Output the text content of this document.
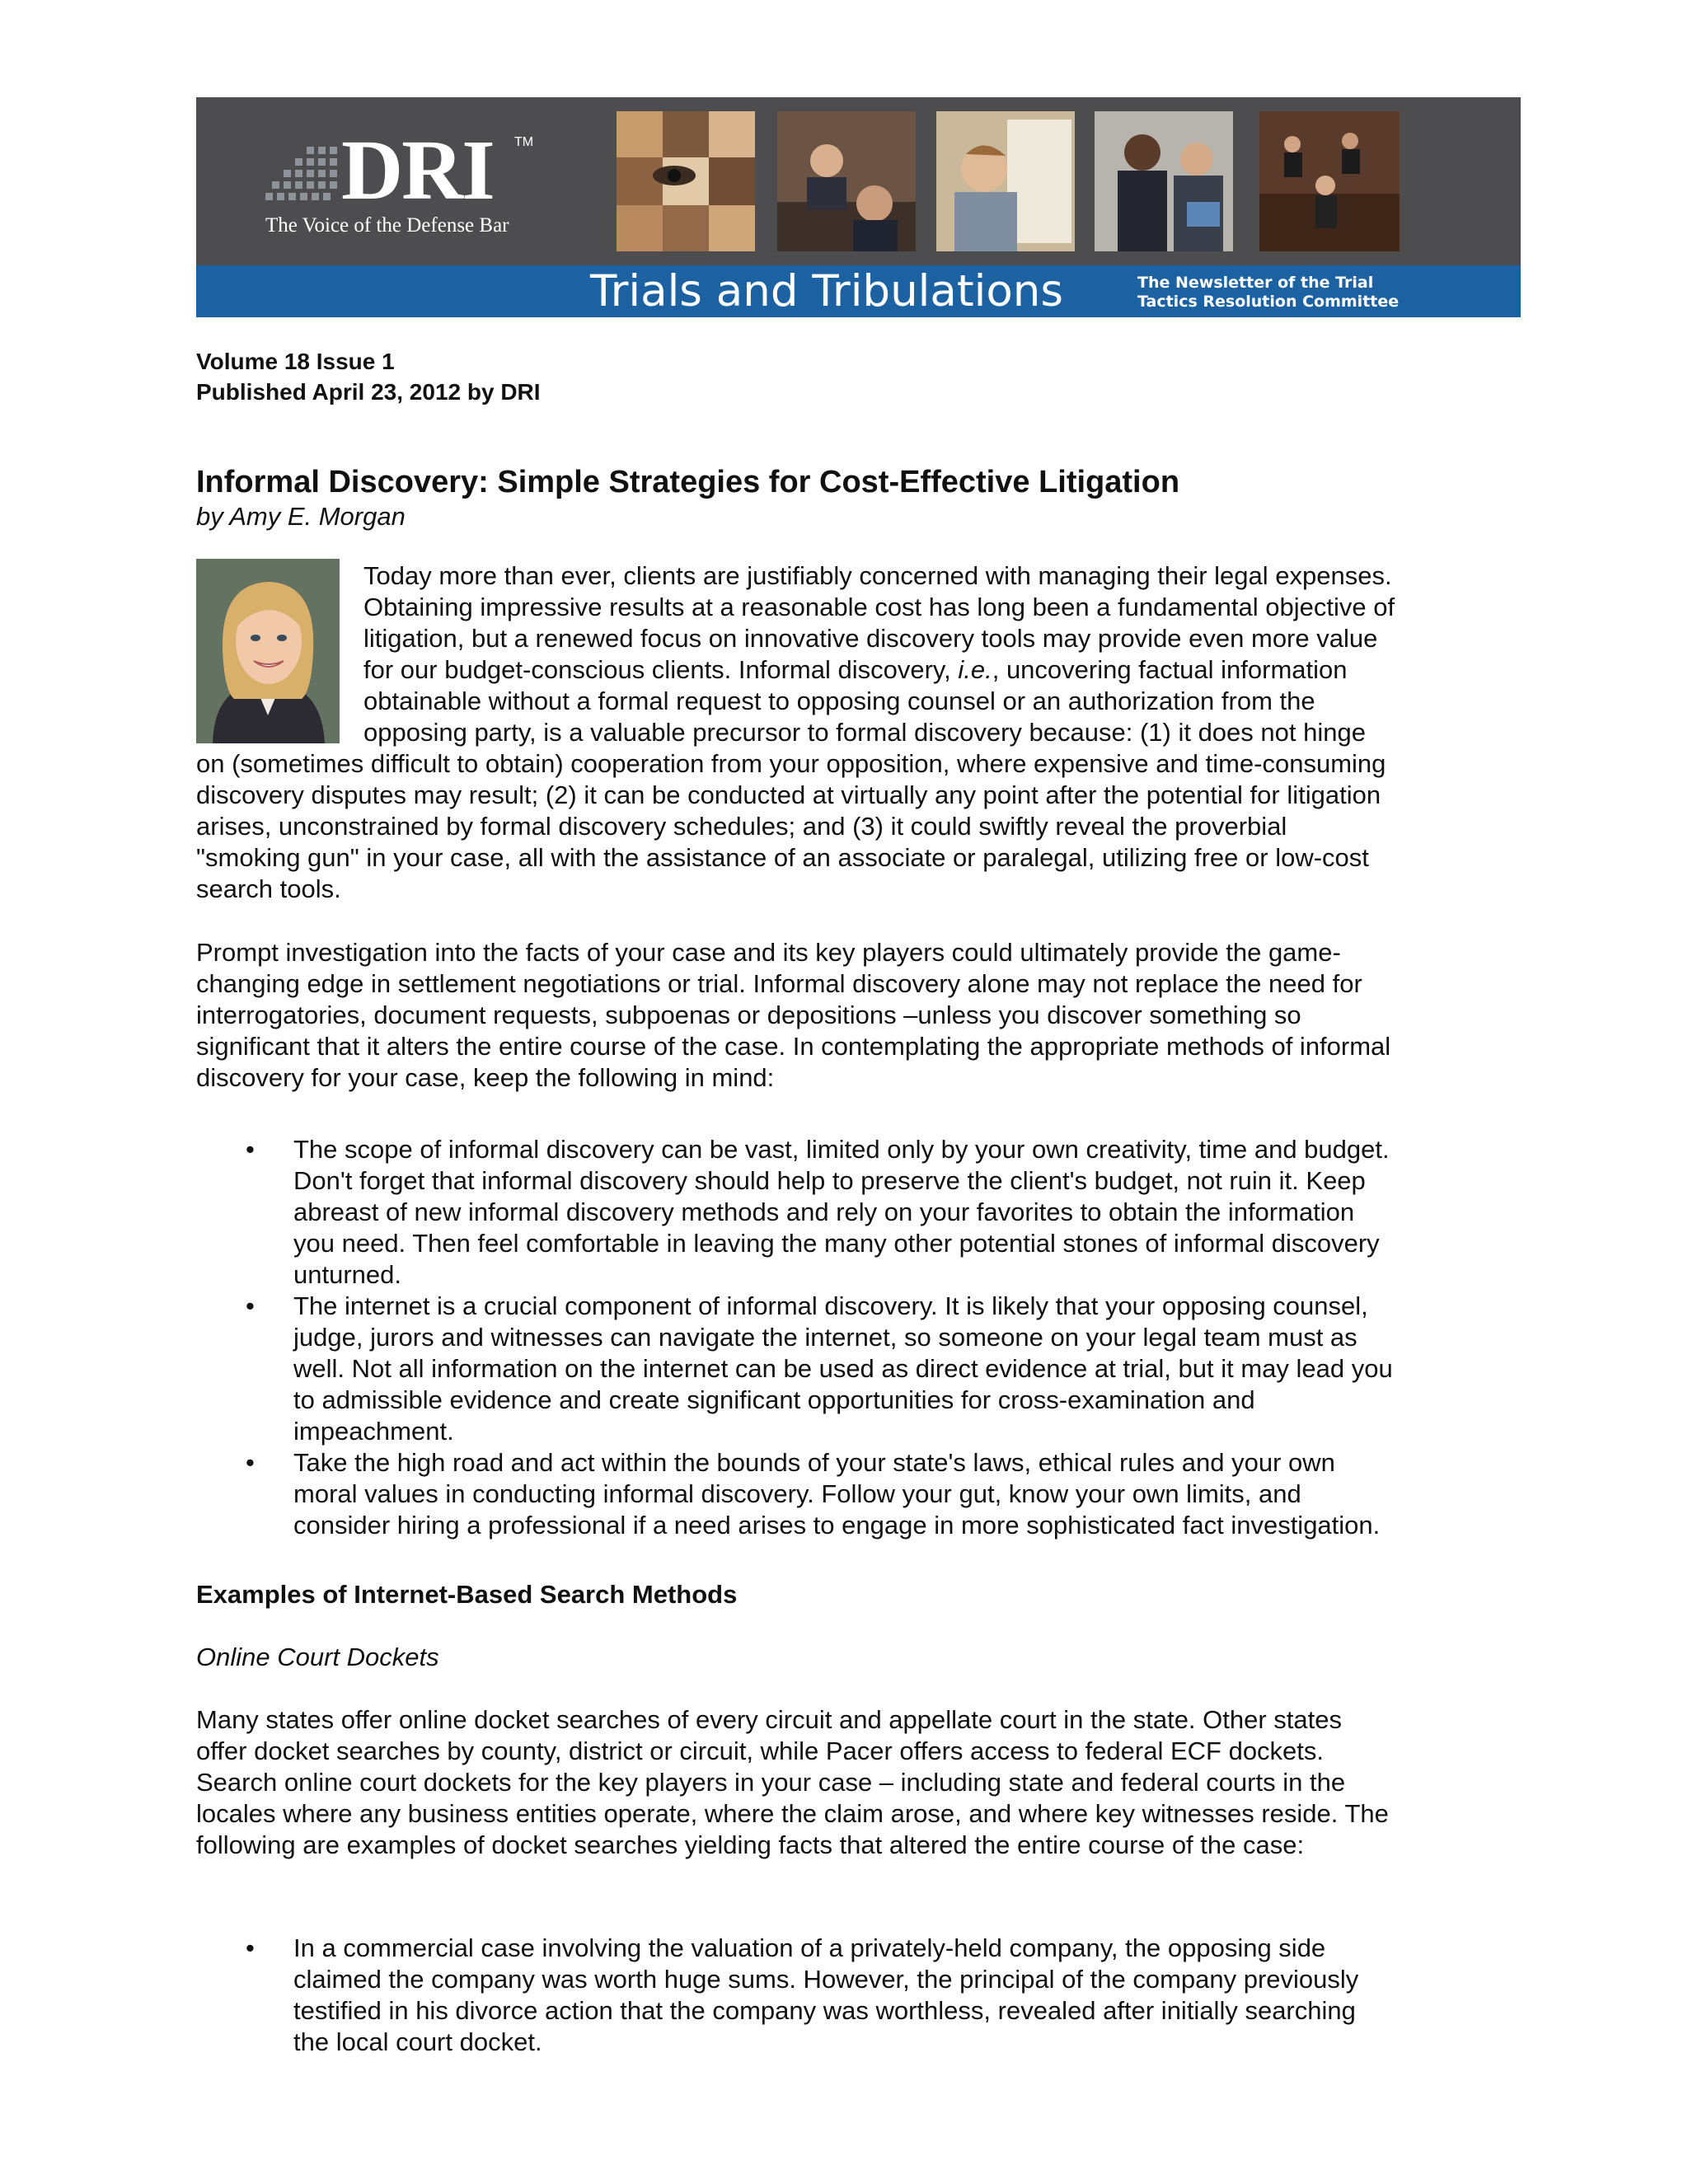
DRI TM
The Voice of the Defense Bar
Trials and Tribulations	The Newsletter of the Trial
Tactics Resolution Committee
Volume 18 Issue 1
Published April 23, 2012 by DRI
Informal Discovery: Simple Strategies for Cost-Effective Litigation
by Amy E. Morgan
Today more than ever, clients are justifiably concerned with managing their legal expenses.
Obtaining impressive results at a reasonable cost has long been a fundamental objective of
litigation, but a renewed focus on innovative discovery tools may provide even more value
for our budget-conscious clients. Informal discovery, i.e., uncovering factual information
obtainable without a formal request to opposing counsel or an authorization from the
opposing party, is a valuable precursor to formal discovery because: (1) it does not hinge
on (sometimes difficult to obtain) cooperation from your opposition, where expensive and time-consuming
discovery disputes may result; (2) it can be conducted at virtually any point after the potential for litigation
arises, unconstrained by formal discovery schedules; and (3) it could swiftly reveal the proverbial
"smoking gun" in your case, all with the assistance of an associate or paralegal, utilizing free or low-cost
search tools.
Prompt investigation into the facts of your case and its key players could ultimately provide the game-
changing edge in settlement negotiations or trial. Informal discovery alone may not replace the need for
interrogatories, document requests, subpoenas or depositions –unless you discover something so
significant that it alters the entire course of the case. In contemplating the appropriate methods of informal
discovery for your case, keep the following in mind:
• The scope of informal discovery can be vast, limited only by your own creativity, time and budget.
Don't forget that informal discovery should help to preserve the client's budget, not ruin it. Keep
abreast of new informal discovery methods and rely on your favorites to obtain the information
you need. Then feel comfortable in leaving the many other potential stones of informal discovery
unturned.
• The internet is a crucial component of informal discovery. It is likely that your opposing counsel,
judge, jurors and witnesses can navigate the internet, so someone on your legal team must as
well. Not all information on the internet can be used as direct evidence at trial, but it may lead you
to admissible evidence and create significant opportunities for cross-examination and
impeachment.
• Take the high road and act within the bounds of your state's laws, ethical rules and your own
moral values in conducting informal discovery. Follow your gut, know your own limits, and
consider hiring a professional if a need arises to engage in more sophisticated fact investigation.
Examples of Internet-Based Search Methods
Online Court Dockets
Many states offer online docket searches of every circuit and appellate court in the state. Other states
offer docket searches by county, district or circuit, while Pacer offers access to federal ECF dockets.
Search online court dockets for the key players in your case – including state and federal courts in the
locales where any business entities operate, where the claim arose, and where key witnesses reside. The
following are examples of docket searches yielding facts that altered the entire course of the case:
• In a commercial case involving the valuation of a privately-held company, the opposing side
claimed the company was worth huge sums. However, the principal of the company previously
testified in his divorce action that the company was worthless, revealed after initially searching
the local court docket.
